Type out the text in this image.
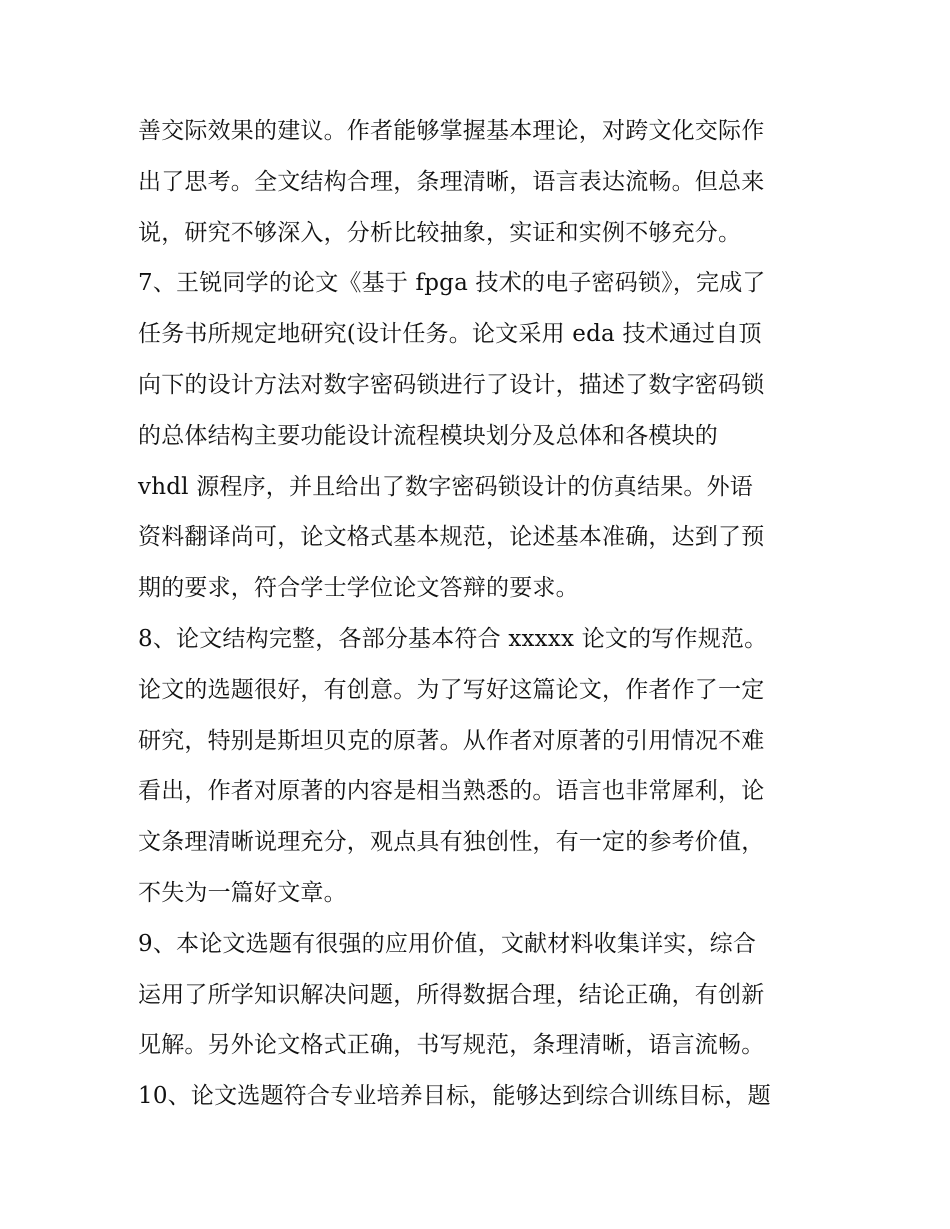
善交际效果的建议。作者能够掌握基本理论，对跨文化交际作
出了思考。全文结构合理，条理清晰，语言表达流畅。但总来
说，研究不够深入，分析比较抽象，实证和实例不够充分。
7、王锐同学的论文《基于 fpga 技术的电子密码锁》，完成了
任务书所规定地研究(设计任务。论文采用 eda 技术通过自顶
向下的设计方法对数字密码锁进行了设计，描述了数字密码锁
的总体结构主要功能设计流程模块划分及总体和各模块的
vhdl 源程序，并且给出了数字密码锁设计的仿真结果。外语
资料翻译尚可，论文格式基本规范，论述基本准确，达到了预
期的要求，符合学士学位论文答辩的要求。
8、论文结构完整，各部分基本符合 xxxxx 论文的写作规范。
论文的选题很好，有创意。为了写好这篇论文，作者作了一定
研究，特别是斯坦贝克的原著。从作者对原著的引用情况不难
看出，作者对原著的内容是相当熟悉的。语言也非常犀利，论
文条理清晰说理充分，观点具有独创性，有一定的参考价值，
不失为一篇好文章。
9、本论文选题有很强的应用价值，文献材料收集详实，综合
运用了所学知识解决问题，所得数据合理，结论正确，有创新
见解。另外论文格式正确，书写规范，条理清晰，语言流畅。
10、论文选题符合专业培养目标，能够达到综合训练目标，题
